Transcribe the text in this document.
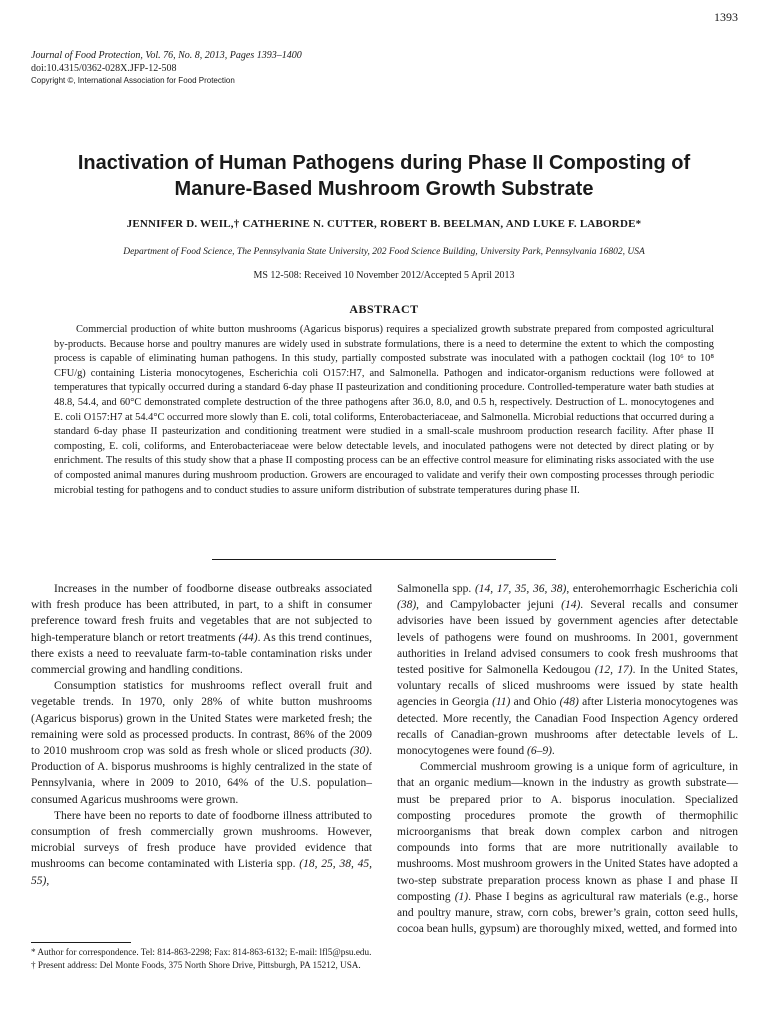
1393
Journal of Food Protection, Vol. 76, No. 8, 2013, Pages 1393–1400
doi:10.4315/0362-028X.JFP-12-508
Copyright ©, International Association for Food Protection
Inactivation of Human Pathogens during Phase II Composting of
Manure-Based Mushroom Growth Substrate
JENNIFER D. WEIL,† CATHERINE N. CUTTER, ROBERT B. BEELMAN, AND LUKE F. LABORDE*
Department of Food Science, The Pennsylvania State University, 202 Food Science Building, University Park, Pennsylvania 16802, USA
MS 12-508: Received 10 November 2012/Accepted 5 April 2013
ABSTRACT

Commercial production of white button mushrooms (Agaricus bisporus) requires a specialized growth substrate prepared from composted agricultural by-products. Because horse and poultry manures are widely used in substrate formulations, there is a need to determine the extent to which the composting process is capable of eliminating human pathogens. In this study, partially composted substrate was inoculated with a pathogen cocktail (log 10⁶ to 10⁸ CFU/g) containing Listeria monocytogenes, Escherichia coli O157:H7, and Salmonella. Pathogen and indicator-organism reductions were followed at temperatures that typically occurred during a standard 6-day phase II pasteurization and conditioning procedure. Controlled-temperature water bath studies at 48.8, 54.4, and 60°C demonstrated complete destruction of the three pathogens after 36.0, 8.0, and 0.5 h, respectively. Destruction of L. monocytogenes and E. coli O157:H7 at 54.4°C occurred more slowly than E. coli, total coliforms, Enterobacteriaceae, and Salmonella. Microbial reductions that occurred during a standard 6-day phase II pasteurization and conditioning treatment were studied in a small-scale mushroom production research facility. After phase II composting, E. coli, coliforms, and Enterobacteriaceae were below detectable levels, and inoculated pathogens were not detected by direct plating or by enrichment. The results of this study show that a phase II composting process can be an effective control measure for eliminating risks associated with the use of composted animal manures during mushroom production. Growers are encouraged to validate and verify their own composting processes through periodic microbial testing for pathogens and to conduct studies to assure uniform distribution of substrate temperatures during phase II.

Increases in the number of foodborne disease outbreaks associated with fresh produce has been attributed, in part, to a shift in consumer preference toward fresh fruits and vegetables that are not subjected to high-temperature blanch or retort treatments (44). As this trend continues, there exists a need to reevaluate farm-to-table contamination risks under commercial growing and handling conditions.

Consumption statistics for mushrooms reflect overall fruit and vegetable trends. In 1970, only 28% of white button mushrooms (Agaricus bisporus) grown in the United States were marketed fresh; the remaining were sold as processed products. In contrast, 86% of the 2009 to 2010 mushroom crop was sold as fresh whole or sliced products (30). Production of A. bisporus mushrooms is highly centralized in the state of Pennsylvania, where in 2009 to 2010, 64% of the U.S. population–consumed Agaricus mushrooms were grown.

There have been no reports to date of foodborne illness attributed to consumption of fresh commercially grown mushrooms. However, microbial surveys of fresh produce have provided evidence that mushrooms can become contaminated with Listeria spp. (18, 25, 38, 45, 55),

Salmonella spp. (14, 17, 35, 36, 38), enterohemorrhagic Escherichia coli (38), and Campylobacter jejuni (14). Several recalls and consumer advisories have been issued by government agencies after detectable levels of pathogens were found on mushrooms. In 2001, government authorities in Ireland advised consumers to cook fresh mushrooms that tested positive for Salmonella Kedougou (12, 17). In the United States, voluntary recalls of sliced mushrooms were issued by state health agencies in Georgia (11) and Ohio (48) after Listeria monocytogenes was detected. More recently, the Canadian Food Inspection Agency ordered recalls of Canadian-grown mushrooms after detectable levels of L. monocytogenes were found (6–9).

Commercial mushroom growing is a unique form of agriculture, in that an organic medium—known in the industry as growth substrate—must be prepared prior to A. bisporus inoculation. Specialized composting procedures promote the growth of thermophilic microorganisms that break down complex carbon and nitrogen compounds into forms that are more nutritionally available to mushrooms. Most mushroom growers in the United States have adopted a two-step substrate preparation process known as phase I and phase II composting (1). Phase I begins as agricultural raw materials (e.g., horse and poultry manure, straw, corn cobs, brewer’s grain, cotton seed hulls, cocoa bean hulls, gypsum) are thoroughly mixed, wetted, and formed into

* Author for correspondence. Tel: 814-863-2298; Fax: 814-863-6132; E-mail: lfl5@psu.edu.
† Present address: Del Monte Foods, 375 North Shore Drive, Pittsburgh, PA 15212, USA.
